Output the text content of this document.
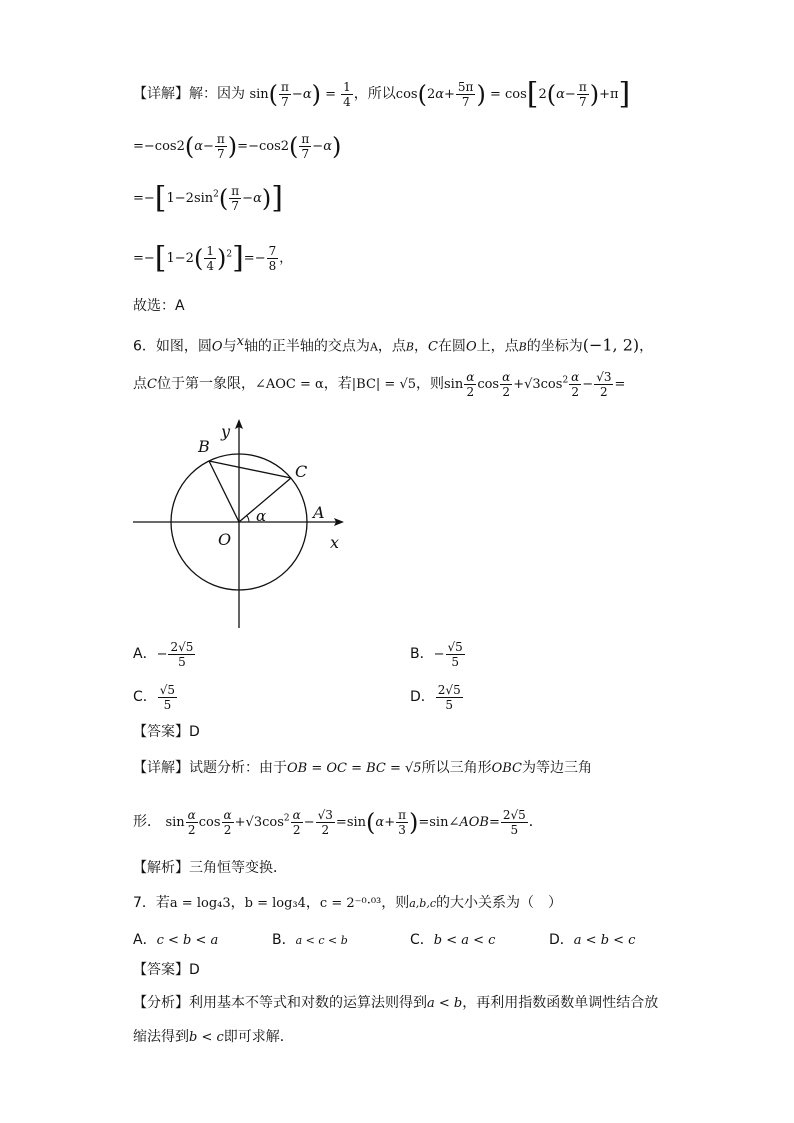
【详解】解：因为 $\sin( \frac{\pi}{7} -\alpha) = \frac{1}{4}$ ，所以$\cos(2\alpha+ \frac{5\pi}{7}$ ) = $\cos[2(\alpha- \frac{\pi}{7} )+\pi]$
$=-\cos 2(\alpha- \frac{\pi}{7} )=-\cos 2( \frac{\pi}{7} -\alpha)$
$=-[1-2\sin^2( \frac{\pi}{7} -\alpha)]$
$=-[1-2( \frac{1}{4} )^2]=- \frac{7}{8}$ ，
故选：A
6．如图，圆O与$^x$轴的正半轴的交点为A，点B，C在圆O上，点B的坐标为(−1, 2)，
点C位于第一象限，∠AOC = α，若|BC| = √5，则$\sin \frac{\alpha}{2}$ $\cos \frac{\alpha}{2} +√3\cos^2 \frac{\alpha}{2} - \frac{√3}{2}$ =
y
x
O
A
B
C
α
A．− $\frac{2√5}{5}$	B．− $\frac{√5}{5}$
C． $\frac{√5}{5}$	D． $\frac{2√5}{5}$
【答案】D
【详解】试题分析：由于OB = OC = BC = √5所以三角形OBC为等边三角
形． $\sin \frac{\alpha}{2}$ $\cos \frac{\alpha}{2} +√3\cos^2 \frac{\alpha}{2} - \frac{√3}{2} =\sin(\alpha+ \frac{\pi}{3}$ )=sin∠AOB= $\frac{2√5}{5}$ ．
【解析】三角恒等变换．
7．若a = log₄3，b = log₃4，c = 2⁻⁰·⁰³，则a,b,c的大小关系为（　）
A．c < b < a	B．a < c < b	C．b < a < c	D．a < b < c
【答案】D
【分析】利用基本不等式和对数的运算法则得到a < b，再利用指数函数单调性结合放
缩法得到b < c即可求解．
